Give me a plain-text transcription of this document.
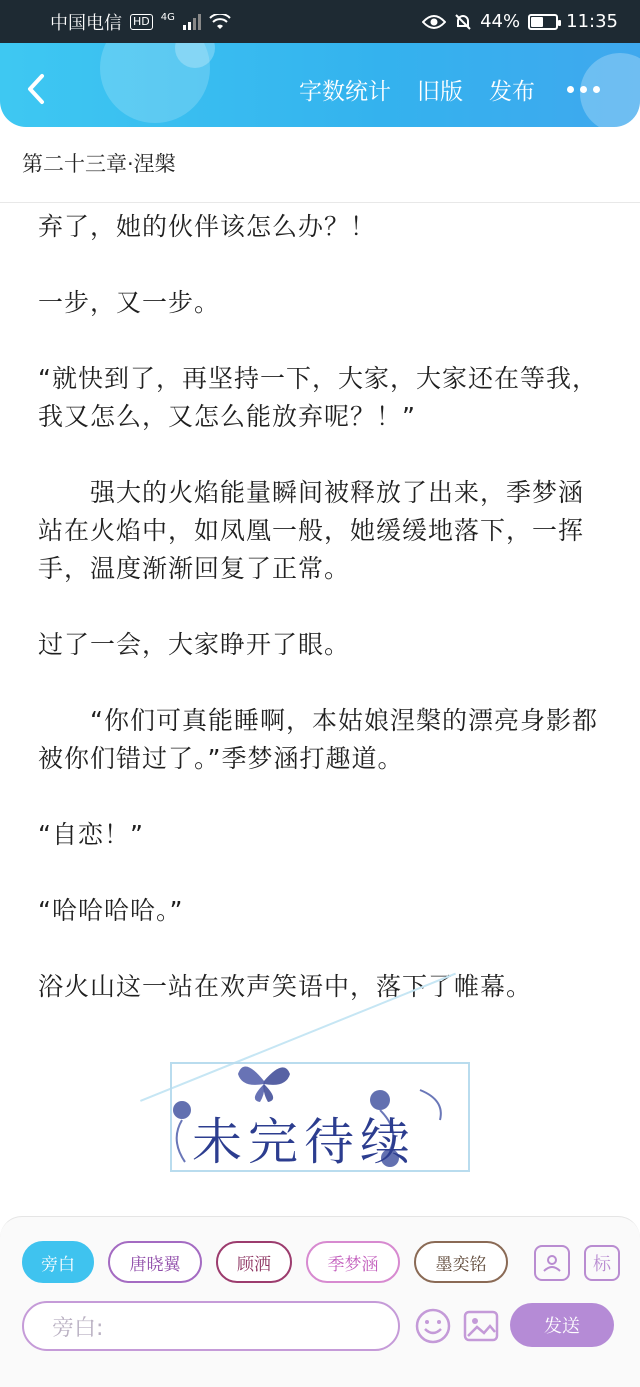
中国电信 HD	4G	44%	11:35
字数统计 旧版 发布
第二十三章·涅槃

弃了，她的伙伴该怎么办？！

一步，又一步。

“就快到了，再坚持一下，大家，大家还在等我，我又怎么，又怎么能放弃呢？！”

强大的火焰能量瞬间被释放了出来，季梦涵站在火焰中，如凤凰一般，她缓缓地落下，一挥手，温度渐渐回复了正常。

过了一会，大家睁开了眼。

“你们可真能睡啊，本姑娘涅槃的漂亮身影都被你们错过了。”季梦涵打趣道。

“自恋！”

“哈哈哈哈。”

浴火山这一站在欢声笑语中，落下了帷幕。

未完待续
旁白	唐晓翼	顾洒	季梦涵	墨奕铭	标
旁白:	发送
